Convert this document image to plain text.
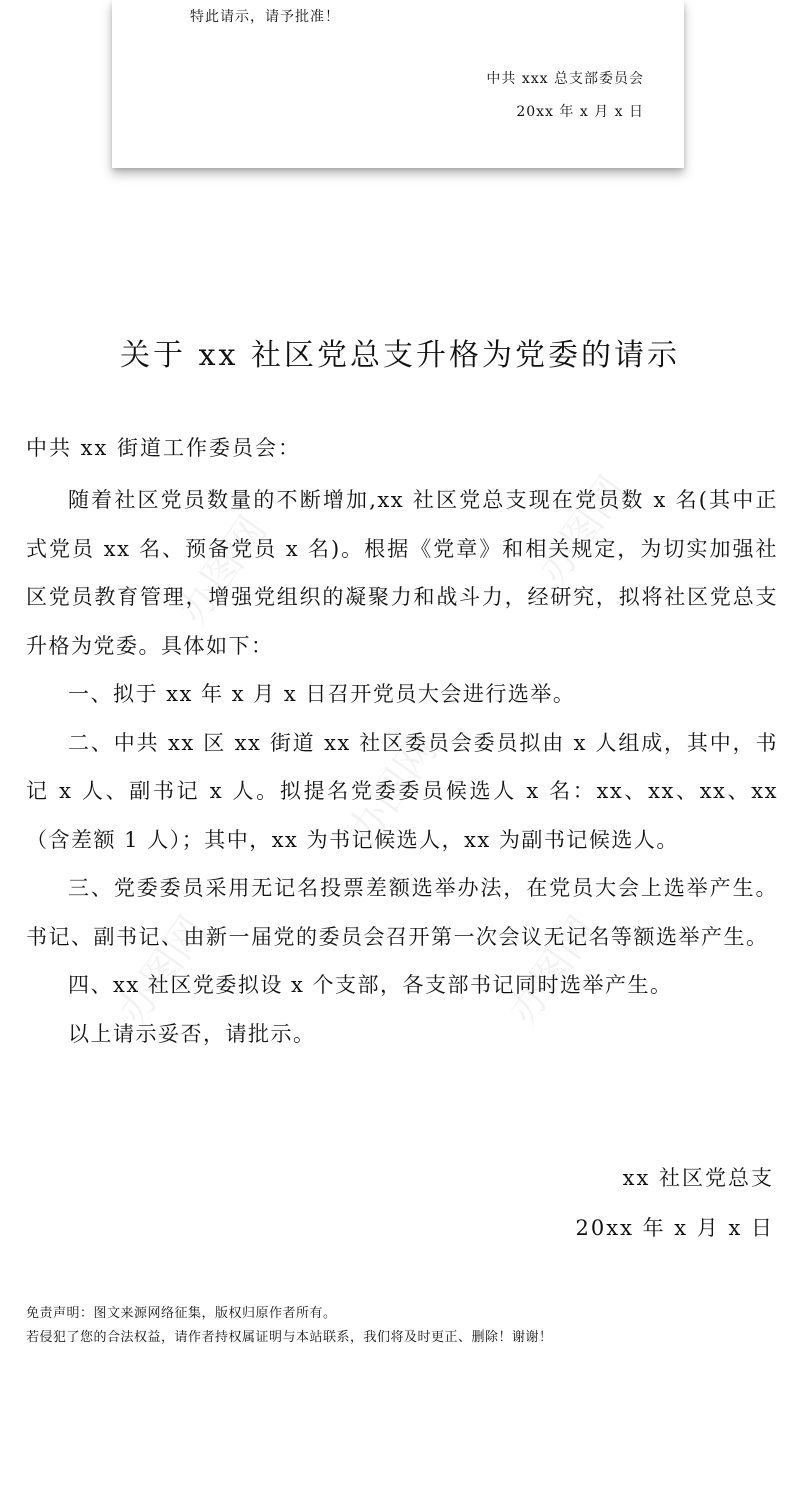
特此请示，请予批准！
中共 xxx 总支部委员会
20xx 年 x 月 x 日
关于 xx 社区党总支升格为党委的请示
中共 xx 街道工作委员会：

随着社区党员数量的不断增加,xx 社区党总支现在党员数 x 名(其中正式党员 xx 名、预备党员 x 名)。根据《党章》和相关规定，为切实加强社区党员教育管理，增强党组织的凝聚力和战斗力，经研究，拟将社区党总支升格为党委。具体如下：

一、拟于 xx 年 x 月 x 日召开党员大会进行选举。

二、中共 xx 区 xx 街道 xx 社区委员会委员拟由 x 人组成，其中，书记 x 人、副书记 x 人。拟提名党委委员候选人 x 名：xx、xx、xx、xx（含差额 1 人）；其中，xx 为书记候选人，xx 为副书记候选人。

三、党委委员采用无记名投票差额选举办法，在党员大会上选举产生。书记、副书记、由新一届党的委员会召开第一次会议无记名等额选举产生。

四、xx 社区党委拟设 x 个支部，各支部书记同时选举产生。

以上请示妥否，请批示。

xx 社区党总支
20xx 年 x 月 x 日
免责声明：图文来源网络征集，版权归原作者所有。
若侵犯了您的合法权益，请作者持权属证明与本站联系，我们将及时更正、删除！谢谢！
办图网
办图网
办图网
办图网	办图网
